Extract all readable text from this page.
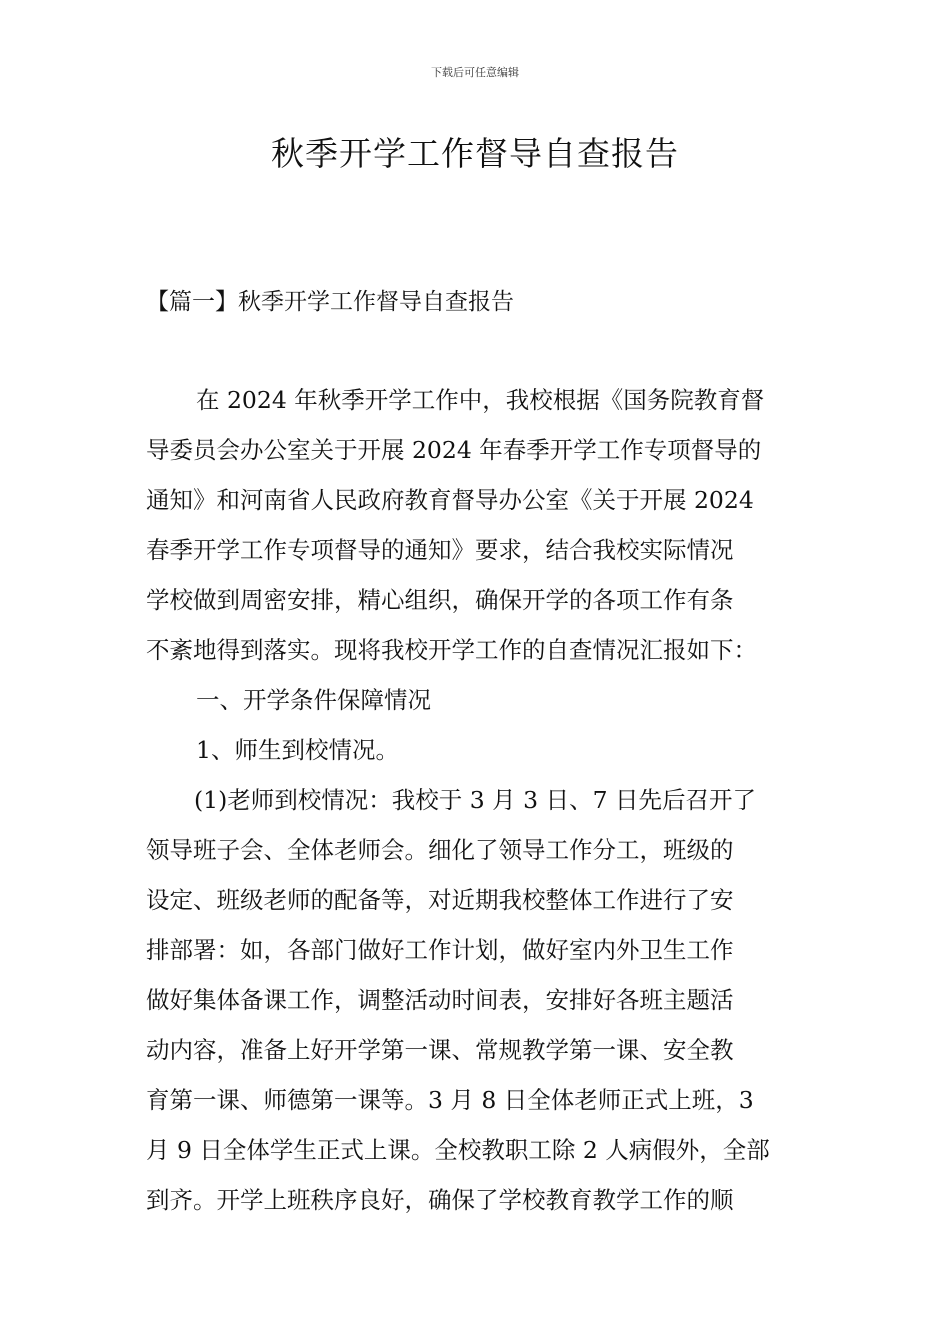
下载后可任意编辑
秋季开学工作督导自查报告
【篇一】秋季开学工作督导自查报告
在 2024 年秋季开学工作中，我校根据《国务院教育督
导委员会办公室关于开展 2024 年春季开学工作专项督导的
通知》和河南省人民政府教育督导办公室《关于开展 2024
春季开学工作专项督导的通知》要求，结合我校实际情况
学校做到周密安排，精心组织，确保开学的各项工作有条
不紊地得到落实。现将我校开学工作的自查情况汇报如下：
一、开学条件保障情况
1、师生到校情况。
(1)老师到校情况：我校于 3 月 3 日、7 日先后召开了
领导班子会、全体老师会。细化了领导工作分工，班级的
设定、班级老师的配备等，对近期我校整体工作进行了安
排部署：如，各部门做好工作计划，做好室内外卫生工作
做好集体备课工作，调整活动时间表，安排好各班主题活
动内容，准备上好开学第一课、常规教学第一课、安全教
育第一课、师德第一课等。3 月 8 日全体老师正式上班，3
月 9 日全体学生正式上课。全校教职工除 2 人病假外，全部
到齐。开学上班秩序良好，确保了学校教育教学工作的顺
